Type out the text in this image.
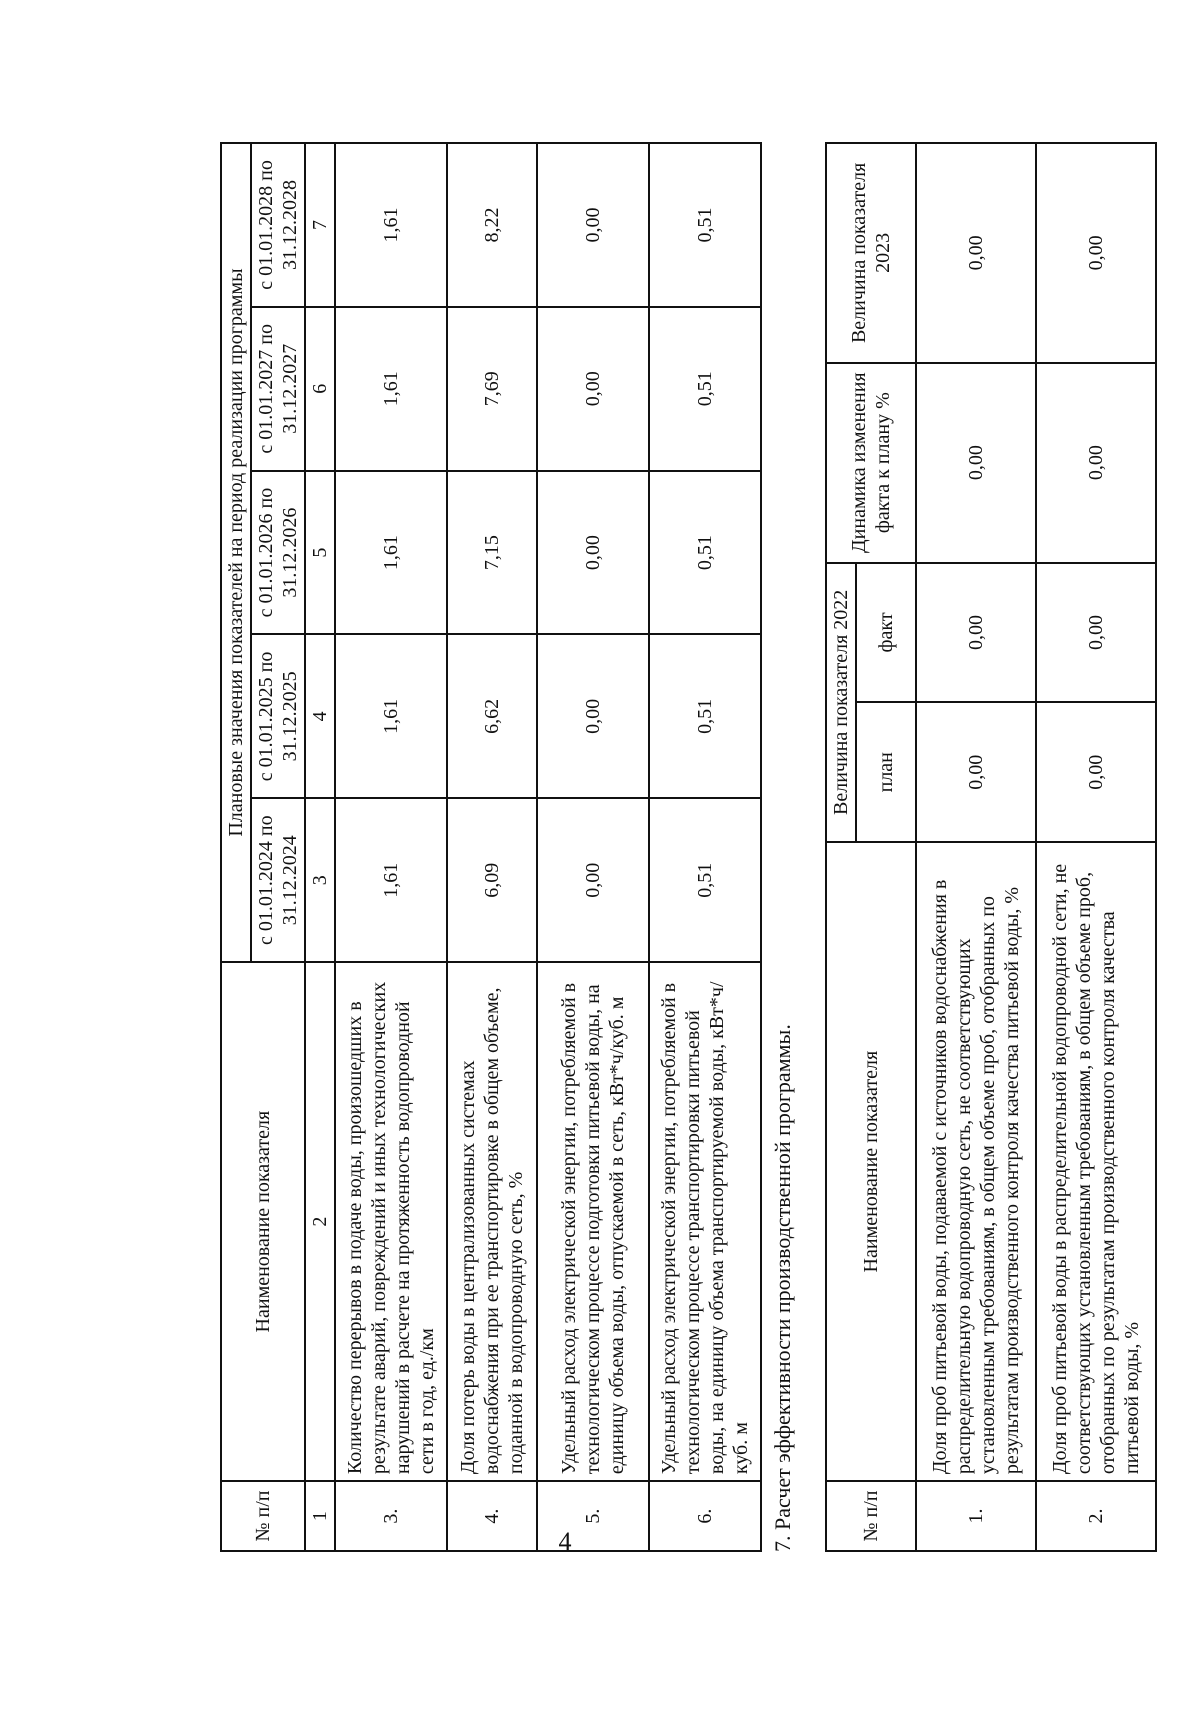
4
№ п/п	Наименование показателя	Плановые значения показателей на период реализации программы				
		с 01.01.2024 по 31.12.2024	с 01.01.2025 по 31.12.2025	с 01.01.2026 по 31.12.2026	с 01.01.2027 по 31.12.2027	с 01.01.2028 по 31.12.2028
1	2	3	4	5	6	7
3.	Количество перерывов в подаче воды, произошедших в результате аварий, повреждений и иных технологических нарушений в расчете на протяженность водопроводной сети в год, ед./км	1,61	1,61	1,61	1,61	1,61
4.	Доля потерь воды в централизованных системах водоснабжения при ее транспортировке в общем объеме, поданной в водопроводную сеть, %	6,09	6,62	7,15	7,69	8,22
5.	Удельный расход электрической энергии, потребляемой в технологическом процессе подготовки питьевой воды, на единицу объема воды, отпускаемой в сеть, кВт*ч/куб. м	0,00	0,00	0,00	0,00	0,00
6.	Удельный расход электрической энергии, потребляемой в технологическом процессе транспортировки питьевой воды, на единицу объема транспортируемой воды, кВт*ч/куб. м	0,51	0,51	0,51	0,51	0,51
7. Расчет эффективности производственной программы.	№ п/п	Наименование показателя	Величина показателя 2022		Динамика изменения факта к плану %	Величина показателя 2023
		план	факт		
1.	Доля проб питьевой воды, подаваемой с источников водоснабжения в распределительную водопроводную сеть, не соответствующих установленным требованиям, в общем объеме проб, отобранных по результатам производственного контроля качества питьевой воды, %	0,00	0,00	0,00	0,00
2.	Доля проб питьевой воды в распределительной водопроводной сети, не соответствующих установленным требованиям, в общем объеме проб, отобранных по результатам производственного контроля качества питьевой воды, %	0,00	0,00	0,00	0,00
